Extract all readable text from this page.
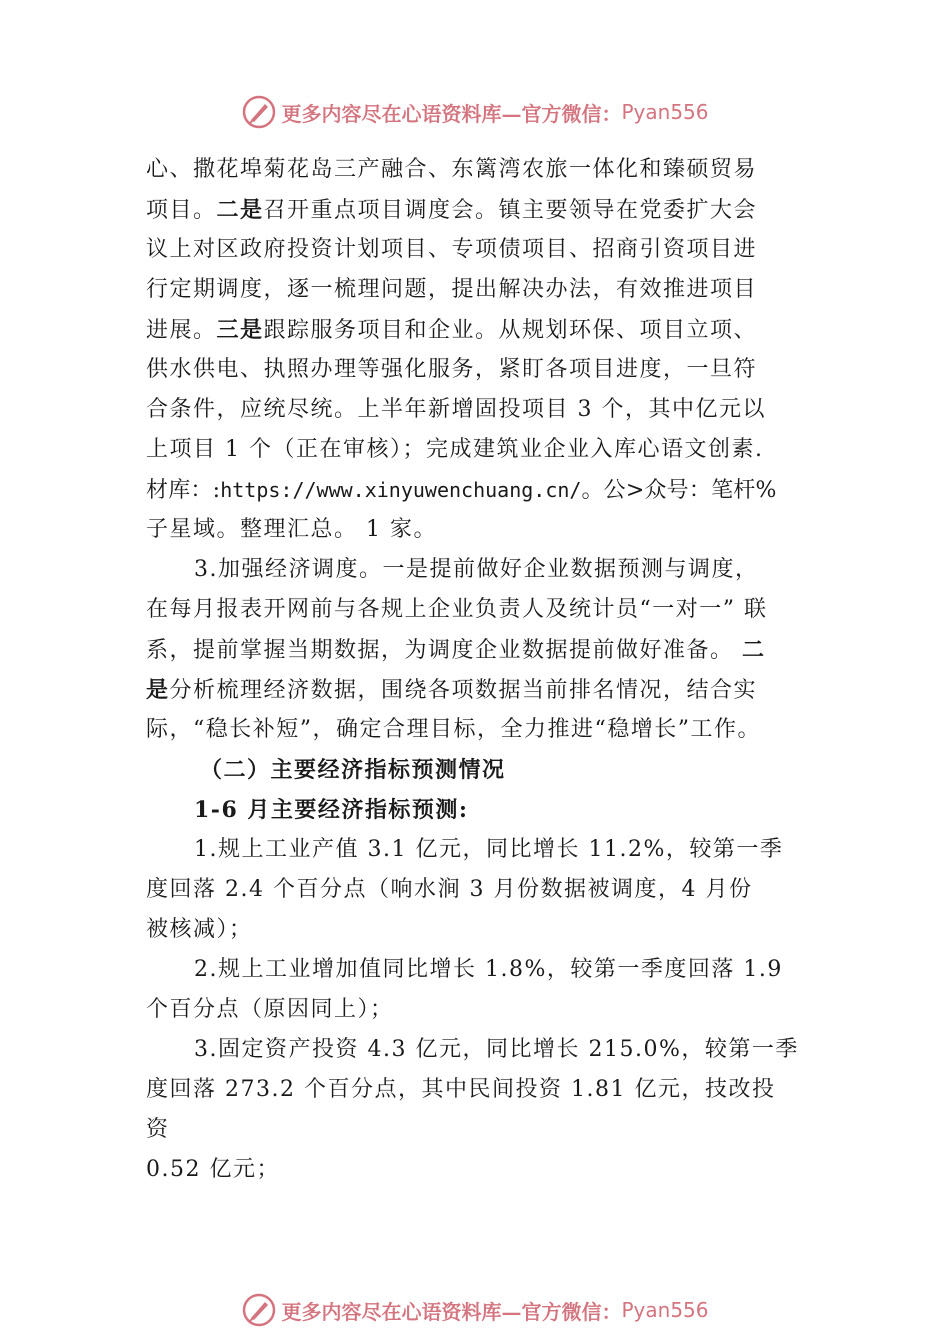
更多内容尽在心语资料库—官方微信： Pyan556
心、撒花埠菊花岛三产融合、东篱湾农旅一体化和臻硕贸易
项目。二是召开重点项目调度会。镇主要领导在党委扩大会
议上对区政府投资计划项目、专项债项目、招商引资项目进
行定期调度，逐一梳理问题，提出解决办法，有效推进项目
进展。三是跟踪服务项目和企业。从规划环保、项目立项、
供水供电、执照办理等强化服务，紧盯各项目进度，一旦符
合条件，应统尽统。上半年新增固投项目 3 个，其中亿元以
上项目 1 个（正在审核）；完成建筑业企业入库心语文创素.
材库：:https://www.xinyuwenchuang.cn/。公>众号：笔杆%
子星域。整理汇总。 1 家。
3.加强经济调度。一是提前做好企业数据预测与调度，
在每月报表开网前与各规上企业负责人及统计员“一对一” 联
系，提前掌握当期数据，为调度企业数据提前做好准备。 二
是分析梳理经济数据，围绕各项数据当前排名情况，结合实
际，“稳长补短”，确定合理目标，全力推进“稳增长”工作。
（二）主要经济指标预测情况
1-6 月主要经济指标预测:
1.规上工业产值 3.1 亿元，同比增长 11.2%，较第一季
度回落 2.4 个百分点（响水涧 3 月份数据被调度，4 月份
被核减）；
2.规上工业增加值同比增长 1.8%，较第一季度回落 1.9
个百分点（原因同上）；
3.固定资产投资 4.3 亿元，同比增长 215.0%，较第一季
度回落 273.2 个百分点，其中民间投资 1.81 亿元，技改投
资
0.52 亿元；
更多内容尽在心语资料库—官方微信： Pyan556
